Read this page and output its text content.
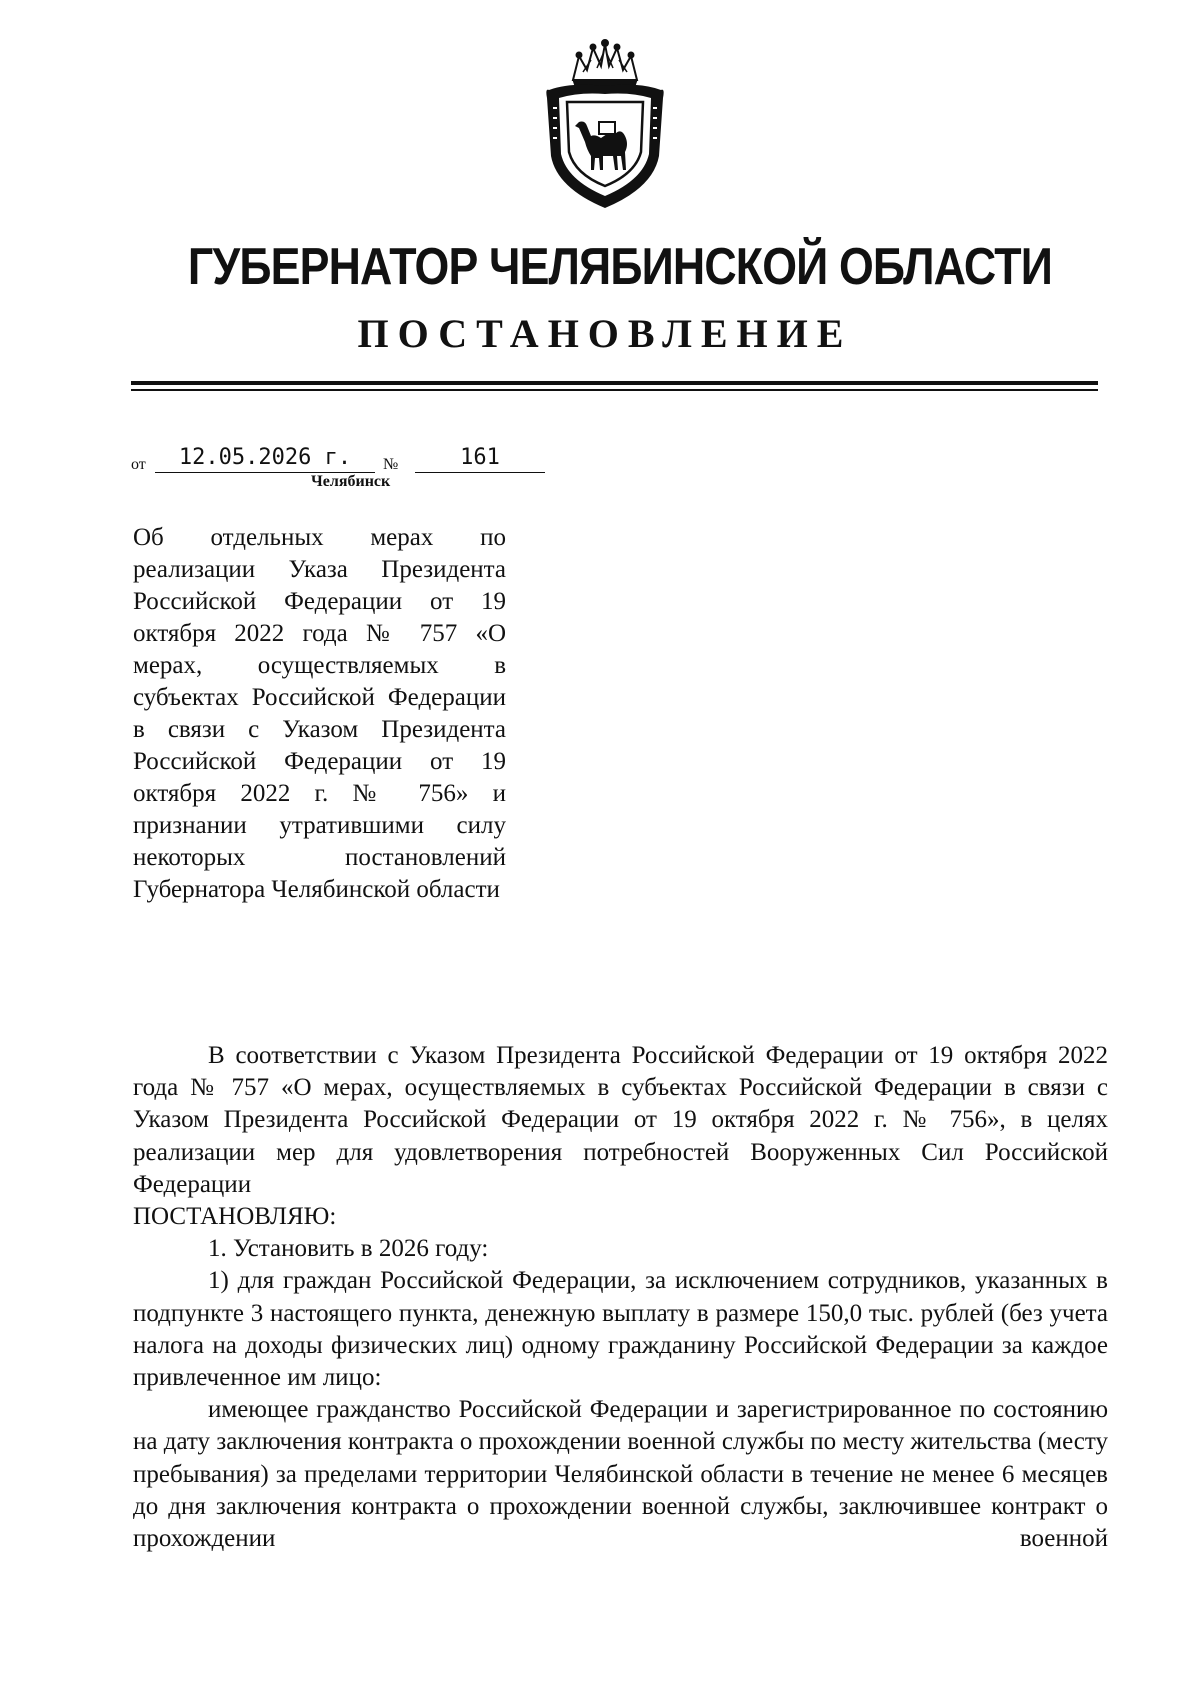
ГУБЕРНАТОР ЧЕЛЯБИНСКОЙ ОБЛАСТИ
ПОСТАНОВЛЕНИЕ
от	12.05.2026 г.	№	161
Челябинск
Об отдельных мерах по реализации Указа Президента Российской Федерации от 19 октября 2022 года № 757 «О мерах, осуществляемых в субъектах Российской Федерации в связи с Указом Президента Российской Федерации от 19 октября 2022 г. № 756» и признании утратившими силу некоторых постановлений Губернатора Челябинской области

В соответствии с Указом Президента Российской Федерации от 19 октября 2022 года № 757 «О мерах, осуществляемых в субъектах Российской Федерации в связи с Указом Президента Российской Федерации от 19 октября 2022 г. № 756», в целях реализации мер для удовлетворения потребностей Вооруженных Сил Российской Федерации

ПОСТАНОВЛЯЮ:

1. Установить в 2026 году:

1) для граждан Российской Федерации, за исключением сотрудников, указанных в подпункте 3 настоящего пункта, денежную выплату в размере 150,0 тыс. рублей (без учета налога на доходы физических лиц) одному гражданину Российской Федерации за каждое привлеченное им лицо:

имеющее гражданство Российской Федерации и зарегистрированное по состоянию на дату заключения контракта о прохождении военной службы по месту жительства (месту пребывания) за пределами территории Челябинской области в течение не менее 6 месяцев до дня заключения контракта о прохождении военной службы, заключившее контракт о прохождении военной
